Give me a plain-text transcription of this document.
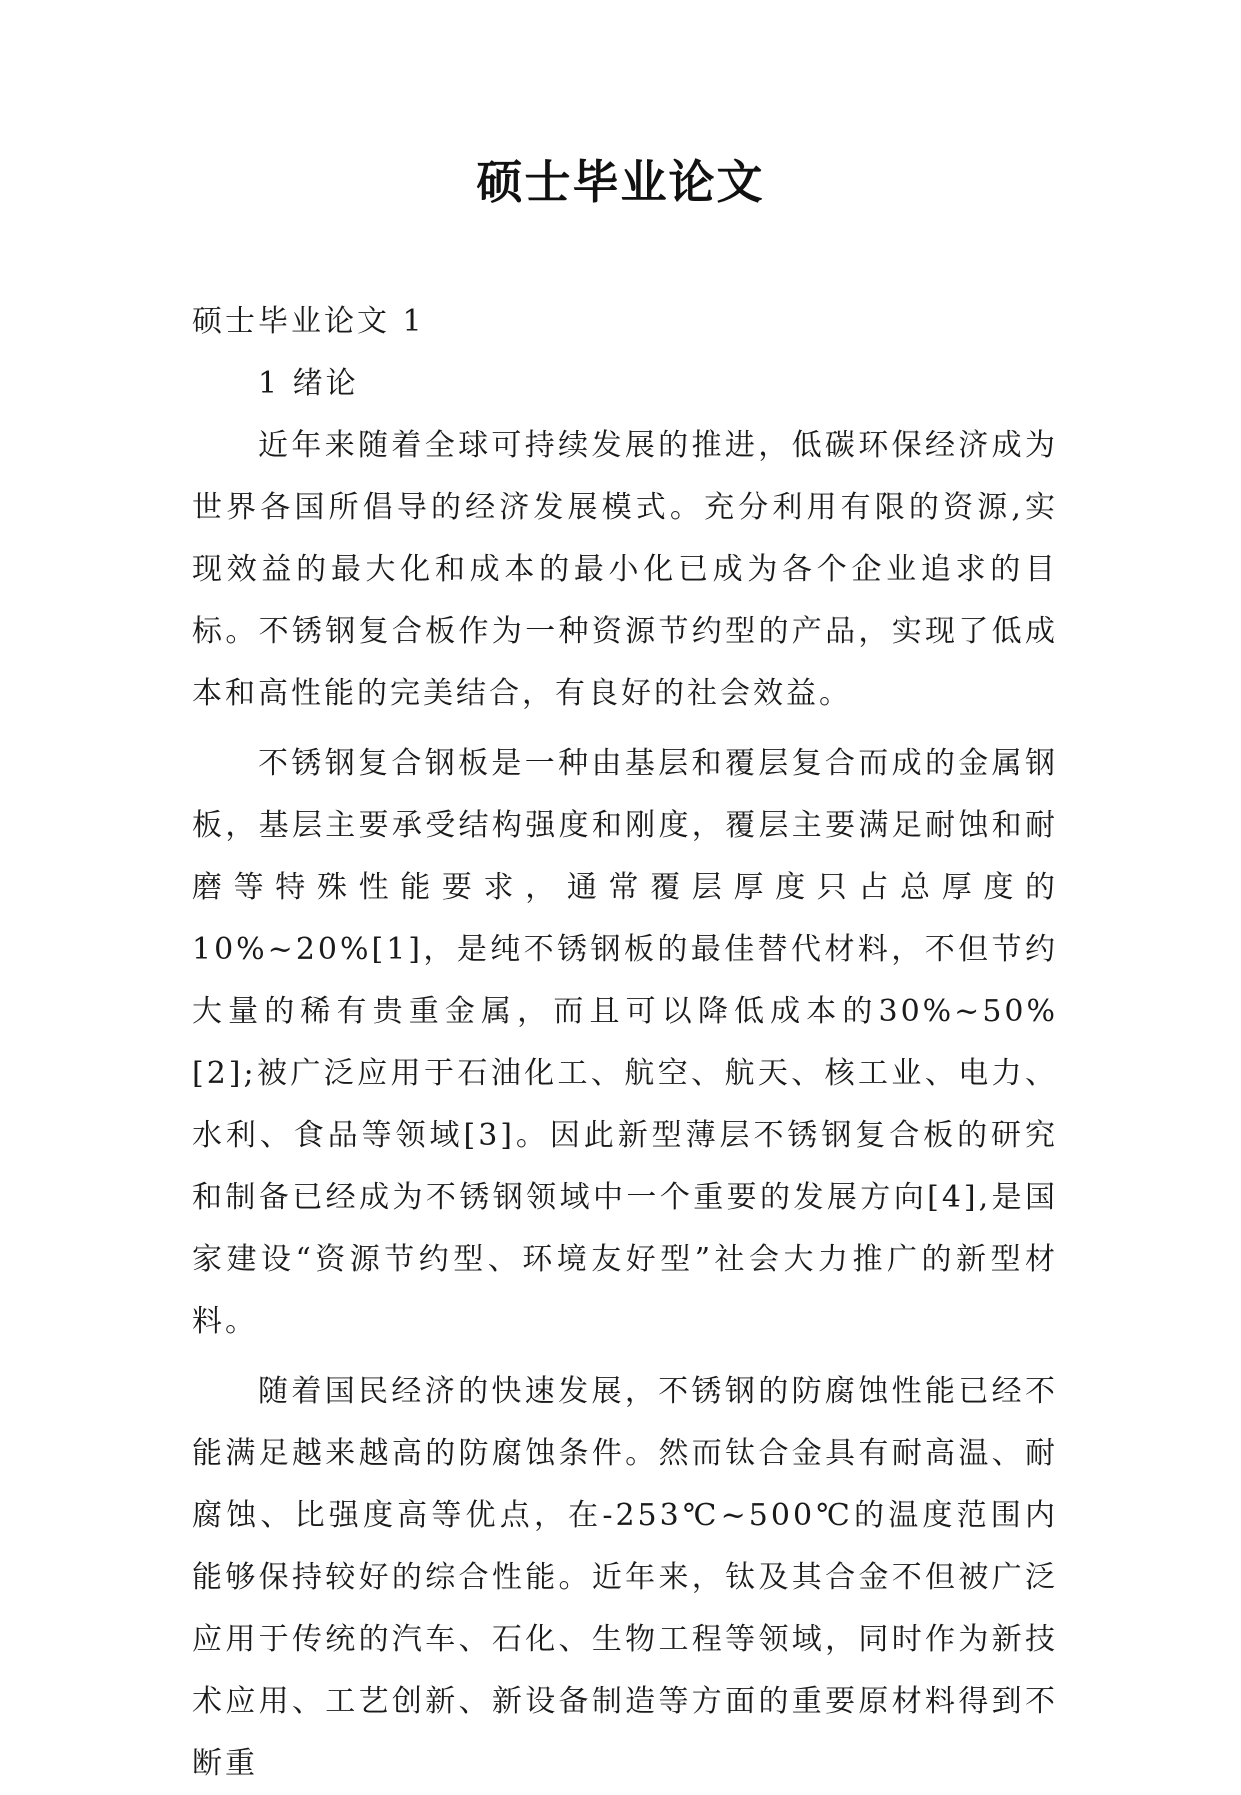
硕士毕业论文

硕士毕业论文 1

1 绪论

近年来随着全球可持续发展的推进，低碳环保经济成为世界各国所倡导的经济发展模式。充分利用有限的资源,实现效益的最大化和成本的最小化已成为各个企业追求的目标。不锈钢复合板作为一种资源节约型的产品，实现了低成本和高性能的完美结合，有良好的社会效益。

不锈钢复合钢板是一种由基层和覆层复合而成的金属钢板，基层主要承受结构强度和刚度，覆层主要满足耐蚀和耐磨等特殊性能要求，通常覆层厚度只占总厚度的10%~20%[1]，是纯不锈钢板的最佳替代材料，不但节约大量的稀有贵重金属，而且可以降低成本的30%~50%[2];被广泛应用于石油化工、航空、航天、核工业、电力、水利、食品等领域[3]。因此新型薄层不锈钢复合板的研究和制备已经成为不锈钢领域中一个重要的发展方向[4],是国家建设“资源节约型、环境友好型”社会大力推广的新型材料。

随着国民经济的快速发展，不锈钢的防腐蚀性能已经不能满足越来越高的防腐蚀条件。然而钛合金具有耐高温、耐腐蚀、比强度高等优点，在-253℃~500℃的温度范围内能够保持较好的综合性能。近年来，钛及其合金不但被广泛应用于传统的汽车、石化、生物工程等领域，同时作为新技术应用、工艺创新、新设备制造等方面的重要原材料得到不断重
